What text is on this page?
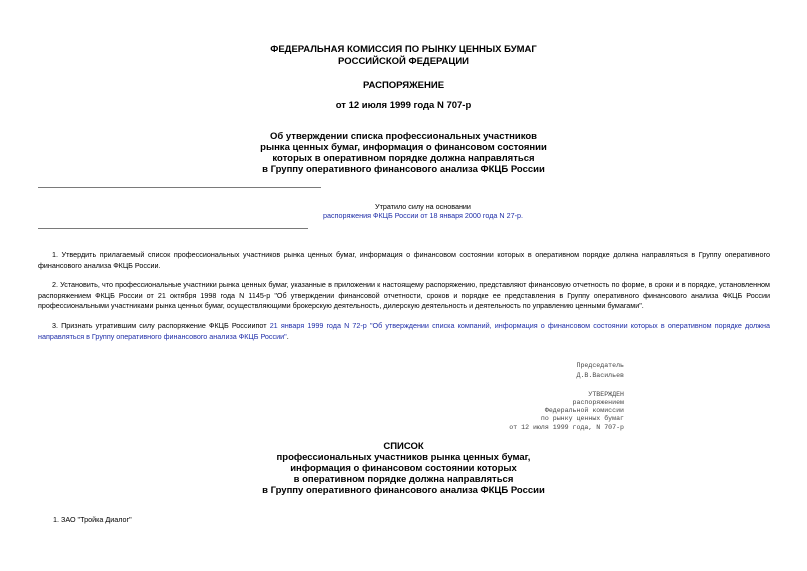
ФЕДЕРАЛЬНАЯ КОМИССИЯ ПО РЫНКУ ЦЕННЫХ БУМАГ
РОССИЙСКОЙ ФЕДЕРАЦИИ
РАСПОРЯЖЕНИЕ
от 12 июля 1999 года N 707-р
Об утверждении списка профессиональных участников
рынка ценных бумаг, информация о финансовом состоянии
которых в оперативном порядке должна направляться
в Группу оперативного финансового анализа ФКЦБ России
Утратило силу на основании
распоряжения ФКЦБ России от 18 января 2000 года N 27-р.
1. Утвердить прилагаемый список профессиональных участников рынка ценных бумаг, информация о финансовом состоянии которых в оперативном порядке должна направляться в Группу оперативного финансового анализа ФКЦБ России.
2. Установить, что профессиональные участники рынка ценных бумаг, указанные в приложении к настоящему распоряжению, представляют финансовую отчетность по форме, в сроки и в порядке, установленном распоряжением ФКЦБ России от 21 октября 1998 года N 1145-р "Об утверждении финансовой отчетности, сроков и порядке ее представления в Группу оперативного финансового анализа ФКЦБ России профессиональными участниками рынка ценных бумаг, осуществляющими брокерскую деятельность, дилерскую деятельность и деятельность по управлению ценными бумагами".
3. Признать утратившим силу распоряжение ФКЦБ Россиипот 21 января 1999 года N 72-р "Об утверждении списка компаний, информация о финансовом состоянии которых в оперативном порядке должна направляться в Группу оперативного финансового анализа ФКЦБ России".
Председатель
Д.В.Васильев
УТВЕРЖДЕН
распоряжением
Федеральной комиссии
по рынку ценных бумаг
от 12 июля 1999 года, N 707-р
СПИСОК
профессиональных участников рынка ценных бумаг,
информация о финансовом состоянии которых
в оперативном порядке должна направляться
в Группу оперативного финансового анализа ФКЦБ России
1. ЗАО "Тройка Диалог"
